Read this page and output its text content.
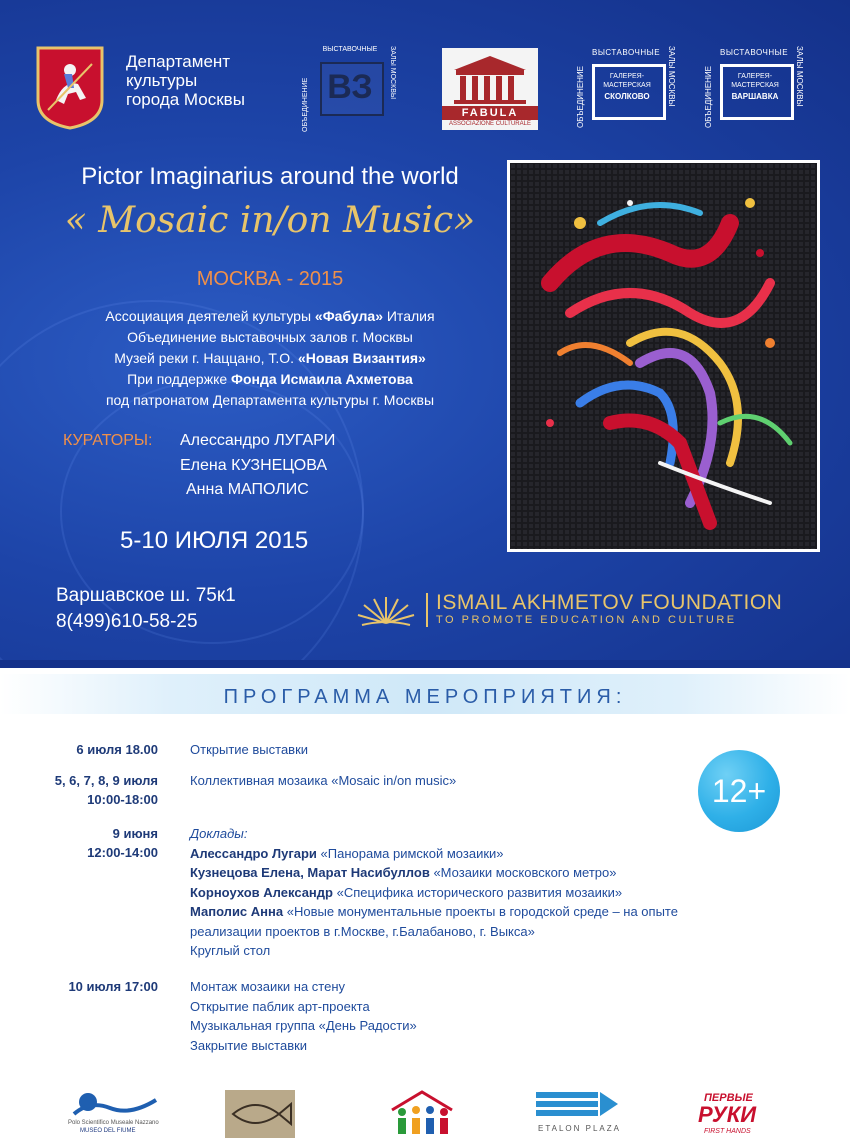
Департамент
культуры
города Москвы ВЗ
ВЫСТАВОЧНЫЕ
ОБЪЕДИНЕНИЕ
ЗАЛЫ МОСКВЫ
FABULA
ASSOCIAZIONE CULTURALE
ВЫСТАВОЧНЫЕ
ОБЪЕДИНЕНИЕ	ЗАЛЫ МОСКВЫ
ГАЛЕРЕЯ-МАСТЕРСКАЯ
СКОЛКОВО
ВЫСТАВОЧНЫЕ
ОБЪЕДИНЕНИЕ	ЗАЛЫ МОСКВЫ
ГАЛЕРЕЯ-МАСТЕРСКАЯ
ВАРШАВКА
Pictor Imaginarius around the world
« Mosaic in/on Music»
МОСКВА - 2015
Ассоциация деятелей культуры «Фабула» Италия
Объединение выставочных залов г. Москвы
Музей реки г. Наццано, Т.О. «Новая Византия»
При поддержке Фонда Исмаила Ахметова
под патронатом Департамента культуры г. Москвы
КУРАТОРЫ: Алессандро ЛУГАРИ
Елена КУЗНЕЦОВА
Анна МАПОЛИС
5-10 ИЮЛЯ 2015
Варшавское ш. 75к1
8(499)610-58-25
ISMAIL AKHMETOV FOUNDATION
TO PROMOTE EDUCATION AND CULTURE
ПРОГРАММА МЕРОПРИЯТИЯ:
12+
6 июля 18.00 Открытие выставки
5, 6, 7, 8, 9 июля
10:00-18:00
Коллективная мозаика «Mosaic in/on music»
9 июня
12:00-14:00
Доклады:
Алессандро Лугари «Панорама римской мозаики»
Кузнецова Елена, Марат Насибуллов «Мозаики московского метро»
Корноухов Александр «Специфика исторического развития мозаики»
Маполис Анна «Новые монументальные проекты в городской среде – на опыте
реализации проектов в г.Москве, г.Балабаново, г. Выкса»
Круглый стол
10 июля 17:00 Монтаж мозаики на стену
Открытие паблик арт-проекта
Музыкальная группа «День Радости»
Закрытие выставки
Polo Scientifico Museale Nazzano
MUSEO DEL FIUME	ETALON PLAZA
ПЕРВЫЕ
РУКИ
FIRST HANDS
